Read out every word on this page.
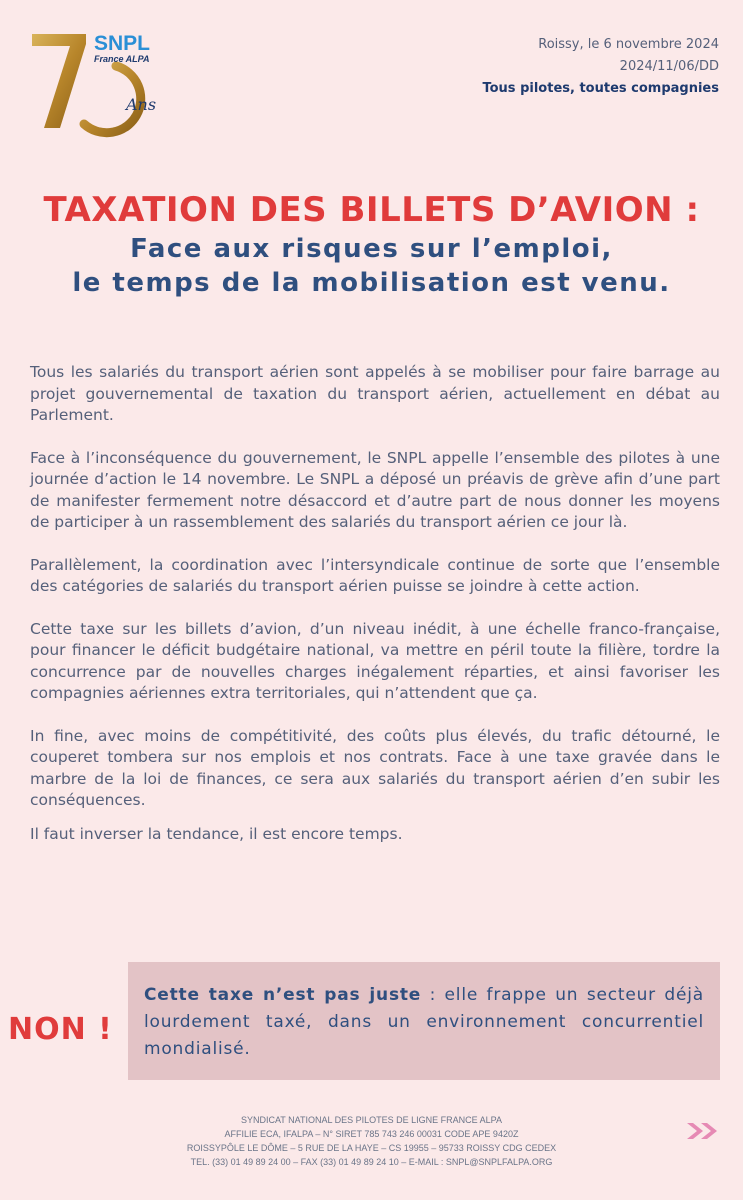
SNPL
France ALPA
Ans
Roissy, le 6 novembre 2024
2024/11/06/DD
Tous pilotes, toutes compagnies
TAXATION DES BILLETS D’AVION :
Face aux risques sur l’emploi,
le temps de la mobilisation est venu.

Tous les salariés du transport aérien sont appelés à se mobiliser pour faire barrage au projet gouvernemental de taxation du transport aérien, actuellement en débat au Parlement.

Face à l’inconséquence du gouvernement, le SNPL appelle l’ensemble des pilotes à une journée d’action le 14 novembre. Le SNPL a déposé un préavis de grève afin d’une part de manifester fermement notre désaccord et d’autre part de nous donner les moyens de participer à un rassemblement des salariés du transport aérien ce jour là.

Parallèlement, la coordination avec l’intersyndicale continue de sorte que l’ensemble des catégories de salariés du transport aérien puisse se joindre à cette action.

Cette taxe sur les billets d’avion, d’un niveau inédit, à une échelle franco-française, pour financer le déficit budgétaire national, va mettre en péril toute la filière, tordre la concurrence par de nouvelles charges inégalement réparties, et ainsi favoriser les compagnies aériennes extra territoriales, qui n’attendent que ça.

In fine, avec moins de compétitivité, des coûts plus élevés, du trafic détourné, le couperet tombera sur nos emplois et nos contrats. Face à une taxe gravée dans le marbre de la loi de finances, ce sera aux salariés du transport aérien d’en subir les conséquences.

Il faut inverser la tendance, il est encore temps.

NON !
Cette taxe n’est pas juste : elle frappe un secteur déjà lourdement taxé, dans un environnement concurrentiel mondialisé.
SYNDICAT NATIONAL DES PILOTES DE LIGNE FRANCE ALPA
AFFILIE ECA, IFALPA – N° SIRET 785 743 246 00031 CODE APE 9420Z
ROISSYPÔLE LE DÔME – 5 RUE DE LA HAYE – CS 19955 – 95733 ROISSY CDG CEDEX
TEL. (33) 01 49 89 24 00 – FAX (33) 01 49 89 24 10 – E-MAIL : SNPL@SNPLFALPA.ORG
